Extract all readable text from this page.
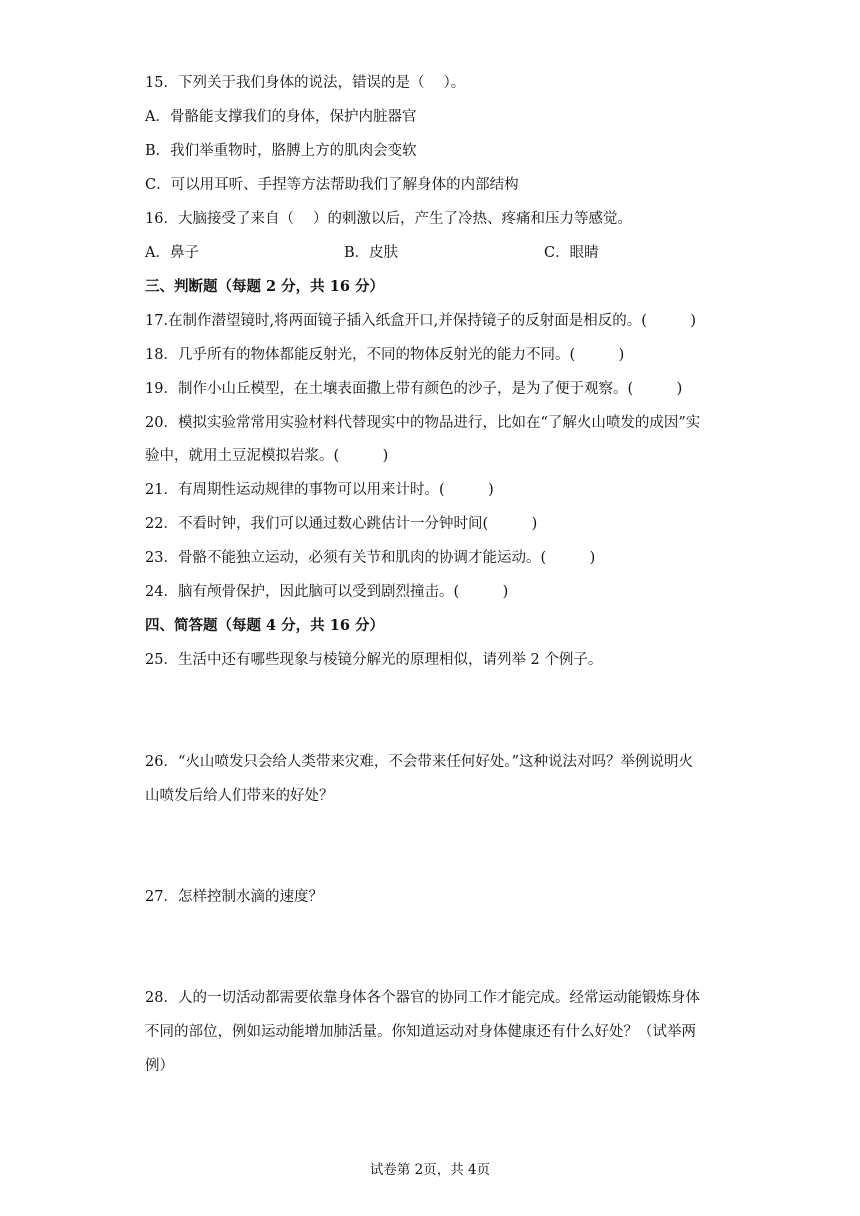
15．下列关于我们身体的说法，错误的是（　 ）。
A．骨骼能支撑我们的身体，保护内脏器官
B．我们举重物时，胳膊上方的肌肉会变软
C．可以用耳听、手捏等方法帮助我们了解身体的内部结构
16．大脑接受了来自（　 ）的刺激以后，产生了冷热、疼痛和压力等感觉。
A．鼻子	B．皮肤	C．眼睛
三、判断题（每题 2 分，共 16 分）
17.在制作潜望镜时,将两面镜子插入纸盒开口,并保持镜子的反射面是相反的。(　　　)
18．几乎所有的物体都能反射光，不同的物体反射光的能力不同。(　　　)
19．制作小山丘模型，在土壤表面撒上带有颜色的沙子，是为了便于观察。(　　　)
20．模拟实验常常用实验材料代替现实中的物品进行，比如在“了解火山喷发的成因”实
验中，就用土豆泥模拟岩浆。(　　　)
21．有周期性运动规律的事物可以用来计时。(　　　)
22．不看时钟，我们可以通过数心跳估计一分钟时间(　　　)
23．骨骼不能独立运动，必须有关节和肌肉的协调才能运动。(　　　)
24．脑有颅骨保护，因此脑可以受到剧烈撞击。(　　　)
四、简答题（每题 4 分，共 16 分）
25．生活中还有哪些现象与棱镜分解光的原理相似，请列举 2 个例子。
26．“火山喷发只会给人类带来灾难，不会带来任何好处。”这种说法对吗？举例说明火
山喷发后给人们带来的好处？
27．怎样控制水滴的速度？
28．人的一切活动都需要依靠身体各个器官的协同工作才能完成。经常运动能锻炼身体
不同的部位，例如运动能增加肺活量。你知道运动对身体健康还有什么好处？（试举两
例）
试卷第 2页，共 4页
